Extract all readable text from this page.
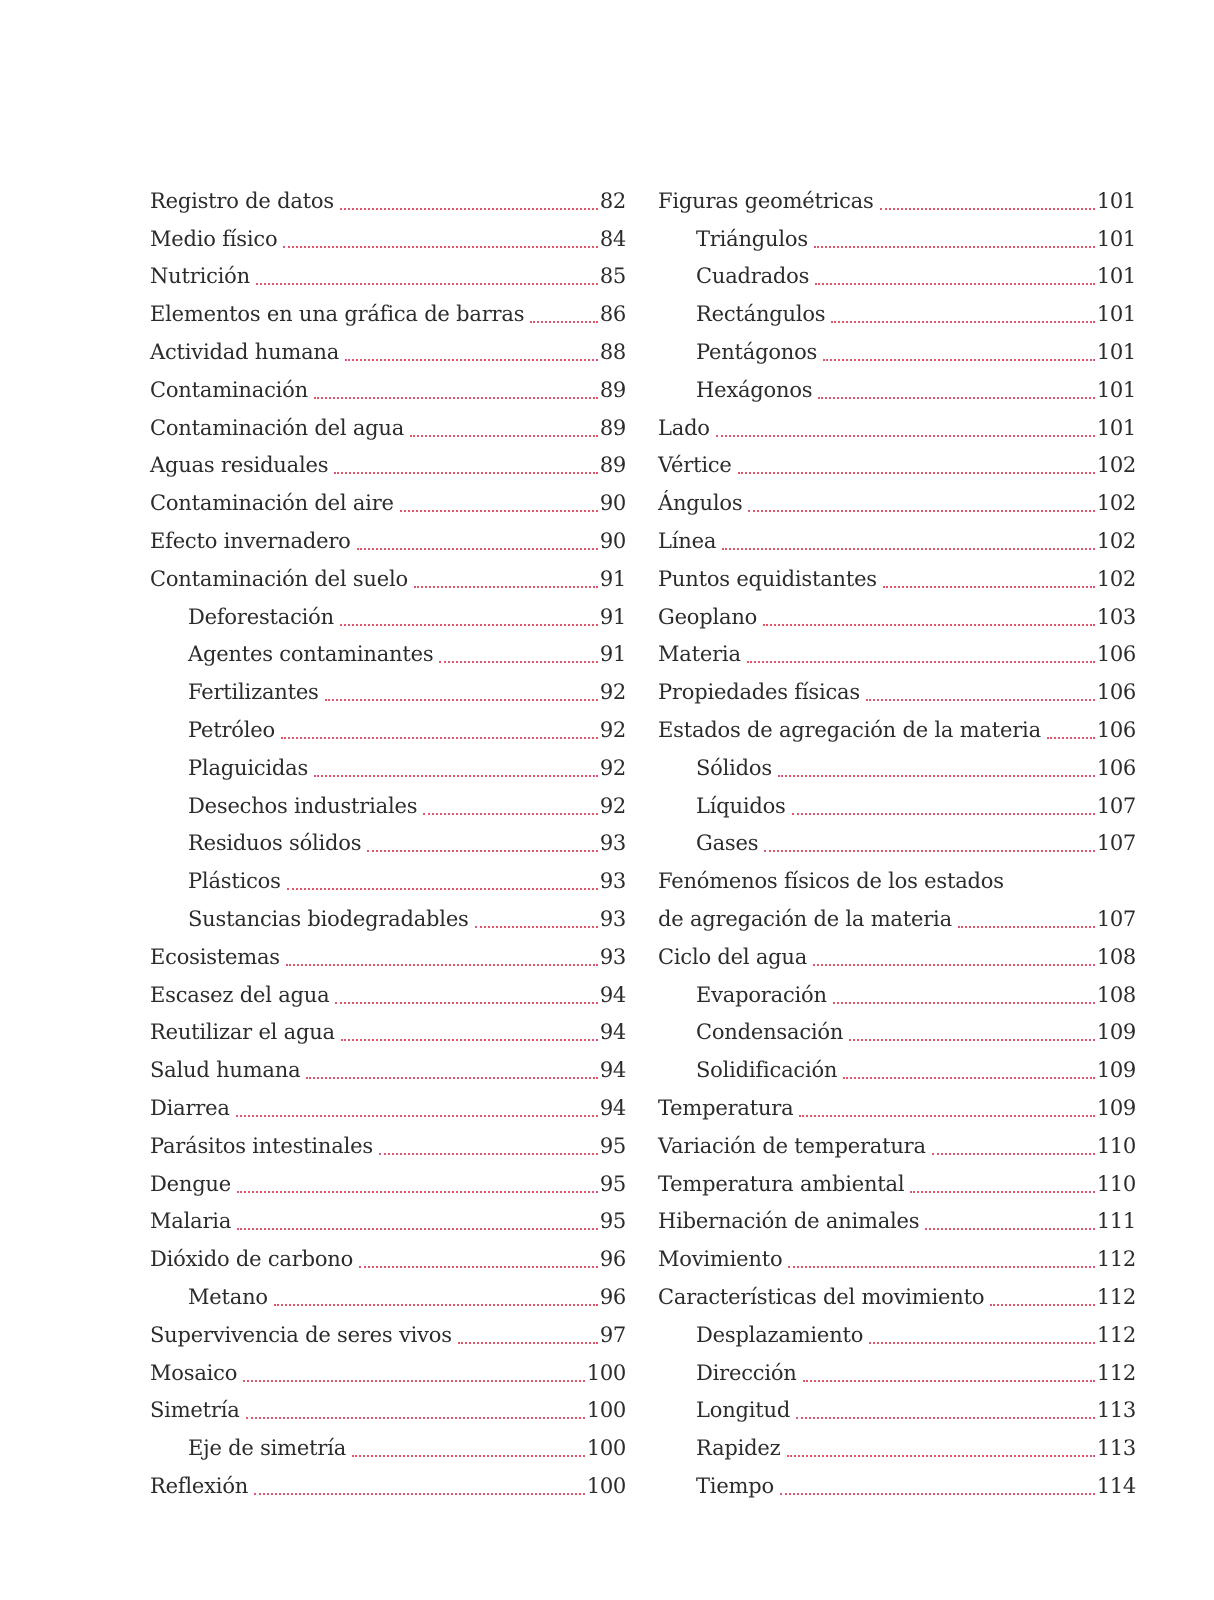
Registro de datos	82
Medio físico	84
Nutrición	85
Elementos en una gráfica de barras	86
Actividad humana	88
Contaminación	89
Contaminación del agua	89
Aguas residuales	89
Contaminación del aire	90
Efecto invernadero	90
Contaminación del suelo	91
Deforestación	91
Agentes contaminantes	91
Fertilizantes	92
Petróleo	92
Plaguicidas	92
Desechos industriales	92
Residuos sólidos	93
Plásticos	93
Sustancias biodegradables	93
Ecosistemas	93
Escasez del agua	94
Reutilizar el agua	94
Salud humana	94
Diarrea	94
Parásitos intestinales	95
Dengue	95
Malaria	95
Dióxido de carbono	96
Metano	96
Supervivencia de seres vivos	97
Mosaico	100
Simetría	100
Eje de simetría	100
Reflexión	100
Figuras geométricas	101
Triángulos	101
Cuadrados	101
Rectángulos	101
Pentágonos	101
Hexágonos	101
Lado	101
Vértice	102
Ángulos	102
Línea	102
Puntos equidistantes	102
Geoplano	103
Materia	106
Propiedades físicas	106
Estados de agregación de la materia	106
Sólidos	106
Líquidos	107
Gases	107
Fenómenos físicos de los estados
de agregación de la materia	107
Ciclo del agua	108
Evaporación	108
Condensación	109
Solidificación	109
Temperatura	109
Variación de temperatura	110
Temperatura ambiental	110
Hibernación de animales	111
Movimiento	112
Características del movimiento	112
Desplazamiento	112
Dirección	112
Longitud	113
Rapidez	113
Tiempo	114
